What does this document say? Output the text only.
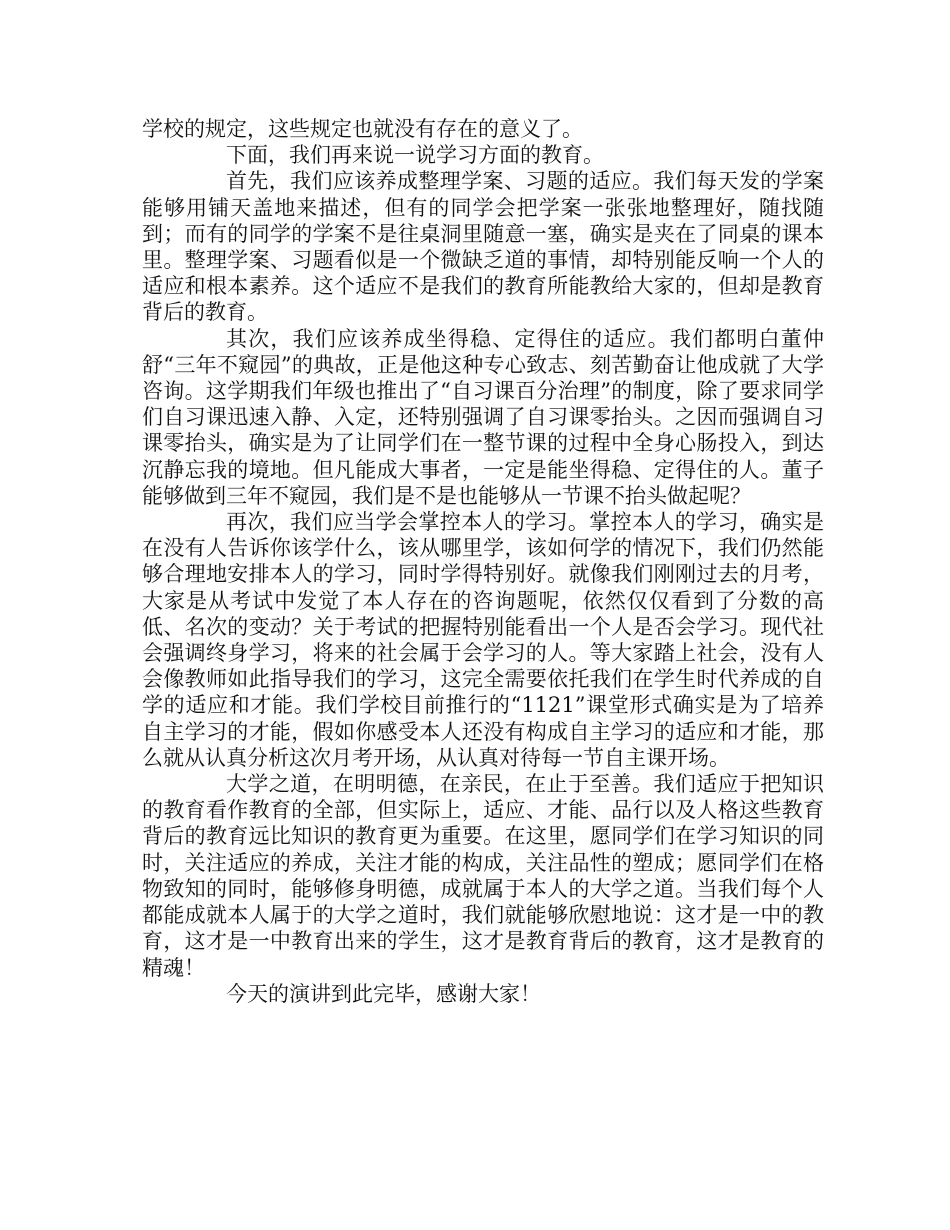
学校的规定，这些规定也就没有存在的意义了。

下面，我们再来说一说学习方面的教育。

首先，我们应该养成整理学案、习题的适应。我们每天发的学案能够用铺天盖地来描述，但有的同学会把学案一张张地整理好，随找随到；而有的同学的学案不是往桌洞里随意一塞，确实是夹在了同桌的课本里。整理学案、习题看似是一个微缺乏道的事情，却特别能反响一个人的适应和根本素养。这个适应不是我们的教育所能教给大家的，但却是教育背后的教育。

其次，我们应该养成坐得稳、定得住的适应。我们都明白董仲舒“三年不窥园”的典故，正是他这种专心致志、刻苦勤奋让他成就了大学咨询。这学期我们年级也推出了“自习课百分治理”的制度，除了要求同学们自习课迅速入静、入定，还特别强调了自习课零抬头。之因而强调自习课零抬头，确实是为了让同学们在一整节课的过程中全身心肠投入，到达沉静忘我的境地。但凡能成大事者，一定是能坐得稳、定得住的人。董子能够做到三年不窥园，我们是不是也能够从一节课不抬头做起呢？

再次，我们应当学会掌控本人的学习。掌控本人的学习，确实是在没有人告诉你该学什么，该从哪里学，该如何学的情况下，我们仍然能够合理地安排本人的学习，同时学得特别好。就像我们刚刚过去的月考，大家是从考试中发觉了本人存在的咨询题呢，依然仅仅看到了分数的高低、名次的变动？关于考试的把握特别能看出一个人是否会学习。现代社会强调终身学习，将来的社会属于会学习的人。等大家踏上社会，没有人会像教师如此指导我们的学习，这完全需要依托我们在学生时代养成的自学的适应和才能。我们学校目前推行的“1121”课堂形式确实是为了培养自主学习的才能，假如你感受本人还没有构成自主学习的适应和才能，那么就从认真分析这次月考开场，从认真对待每一节自主课开场。

大学之道，在明明德，在亲民，在止于至善。我们适应于把知识的教育看作教育的全部，但实际上，适应、才能、品行以及人格这些教育背后的教育远比知识的教育更为重要。在这里，愿同学们在学习知识的同时，关注适应的养成，关注才能的构成，关注品性的塑成；愿同学们在格物致知的同时，能够修身明德，成就属于本人的大学之道。当我们每个人都能成就本人属于的大学之道时，我们就能够欣慰地说：这才是一中的教育，这才是一中教育出来的学生，这才是教育背后的教育，这才是教育的精魂！

今天的演讲到此完毕，感谢大家！
